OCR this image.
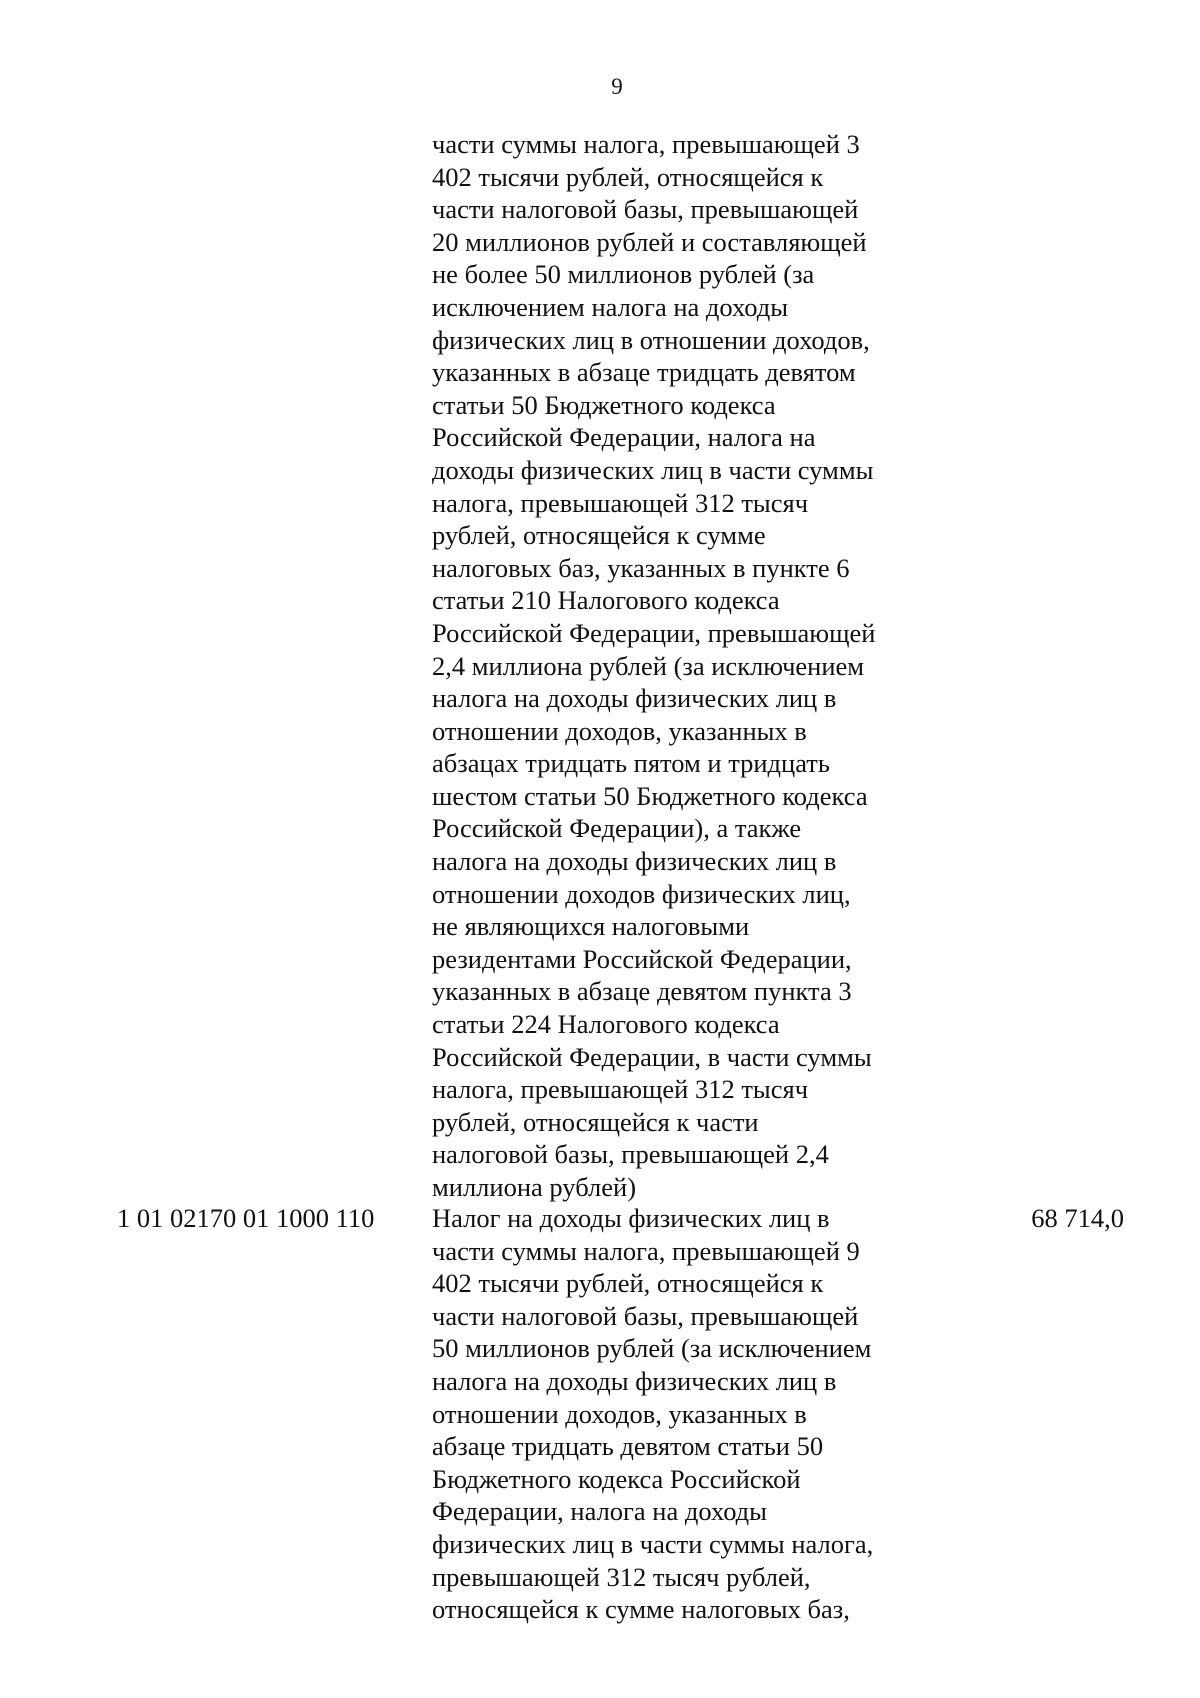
9
части суммы налога, превышающей 3
402 тысячи рублей, относящейся к
части налоговой базы, превышающей
20 миллионов рублей и составляющей
не более 50 миллионов рублей (за
исключением налога на доходы
физических лиц в отношении доходов,
указанных в абзаце тридцать девятом
статьи 50 Бюджетного кодекса
Российской Федерации, налога на
доходы физических лиц в части суммы
налога, превышающей 312 тысяч
рублей, относящейся к сумме
налоговых баз, указанных в пункте 6
статьи 210 Налогового кодекса
Российской Федерации, превышающей
2,4 миллиона рублей (за исключением
налога на доходы физических лиц в
отношении доходов, указанных в
абзацах тридцать пятом и тридцать
шестом статьи 50 Бюджетного кодекса
Российской Федерации), а также
налога на доходы физических лиц в
отношении доходов физических лиц,
не являющихся налоговыми
резидентами Российской Федерации,
указанных в абзаце девятом пункта 3
статьи 224 Налогового кодекса
Российской Федерации, в части суммы
налога, превышающей 312 тысяч
рублей, относящейся к части
налоговой базы, превышающей 2,4
миллиона рублей)
1 01 02170 01 1000 110 Налог на доходы физических лиц в
части суммы налога, превышающей 9
402 тысячи рублей, относящейся к
части налоговой базы, превышающей
50 миллионов рублей (за исключением
налога на доходы физических лиц в
отношении доходов, указанных в
абзаце тридцать девятом статьи 50
Бюджетного кодекса Российской
Федерации, налога на доходы
физических лиц в части суммы налога,
превышающей 312 тысяч рублей,
относящейся к сумме налоговых баз,
68 714,0
